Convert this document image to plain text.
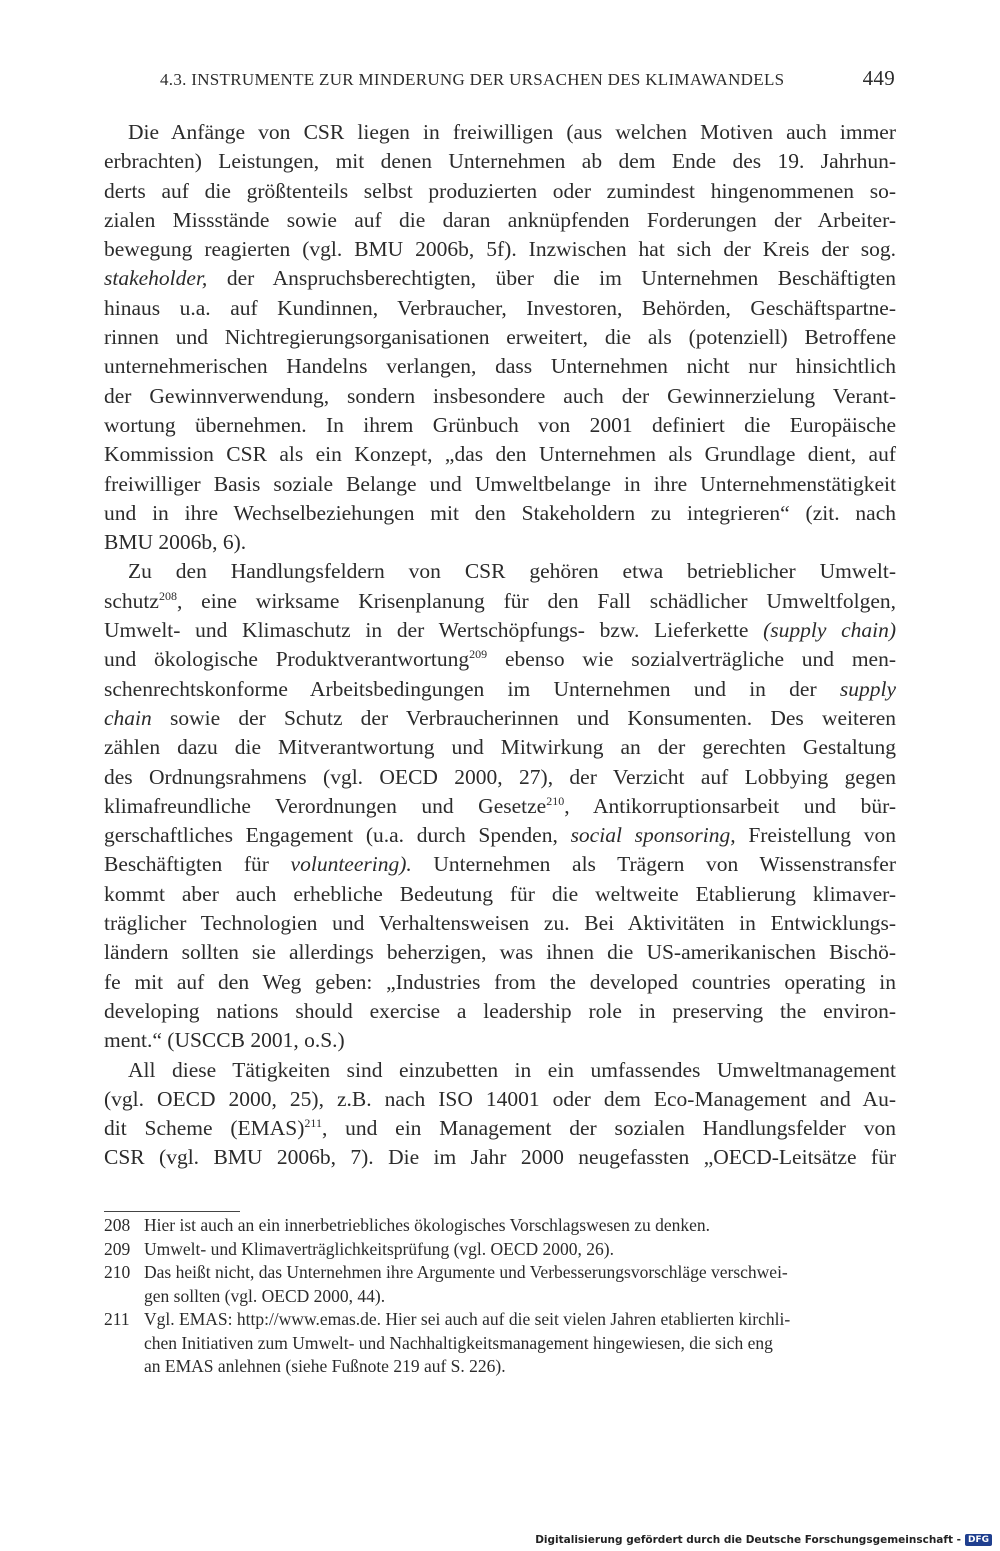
4.3. INSTRUMENTE ZUR MINDERUNG DER URSACHEN DES KLIMAWANDELS	449
Die Anfänge von CSR liegen in freiwilligen (aus welchen Motiven auch immer
erbrachten) Leistungen, mit denen Unternehmen ab dem Ende des 19. Jahrhun-
derts auf die größtenteils selbst produzierten oder zumindest hingenommenen so-
zialen Missstände sowie auf die daran anknüpfenden Forderungen der Arbeiter-
bewegung reagierten (vgl. BMU 2006b, 5f). Inzwischen hat sich der Kreis der sog.
stakeholder, der Anspruchsberechtigten, über die im Unternehmen Beschäftigten
hinaus u.a. auf Kundinnen, Verbraucher, Investoren, Behörden, Geschäftspartne-
rinnen und Nichtregierungsorganisationen erweitert, die als (potenziell) Betroffene
unternehmerischen Handelns verlangen, dass Unternehmen nicht nur hinsichtlich
der Gewinnverwendung, sondern insbesondere auch der Gewinnerzielung Verant-
wortung übernehmen. In ihrem Grünbuch von 2001 definiert die Europäische
Kommission CSR als ein Konzept, „das den Unternehmen als Grundlage dient, auf
freiwilliger Basis soziale Belange und Umweltbelange in ihre Unternehmenstätigkeit
und in ihre Wechselbeziehungen mit den Stakeholdern zu integrieren“ (zit. nach
BMU 2006b, 6).
Zu den Handlungsfeldern von CSR gehören etwa betrieblicher Umwelt-
schutz$^{208}$, eine wirksame Krisenplanung für den Fall schädlicher Umweltfolgen,
Umwelt- und Klimaschutz in der Wertschöpfungs- bzw. Lieferkette (supply chain)
und ökologische Produktverantwortung$^{209}$ ebenso wie sozialverträgliche und men-
schenrechtskonforme Arbeitsbedingungen im Unternehmen und in der supply
chain sowie der Schutz der Verbraucherinnen und Konsumenten. Des weiteren
zählen dazu die Mitverantwortung und Mitwirkung an der gerechten Gestaltung
des Ordnungsrahmens (vgl. OECD 2000, 27), der Verzicht auf Lobbying gegen
klimafreundliche Verordnungen und Gesetze$^{210}$, Antikorruptionsarbeit und bür-
gerschaftliches Engagement (u.a. durch Spenden, social sponsoring, Freistellung von
Beschäftigten für volunteering). Unternehmen als Trägern von Wissenstransfer
kommt aber auch erhebliche Bedeutung für die weltweite Etablierung klimaver-
träglicher Technologien und Verhaltensweisen zu. Bei Aktivitäten in Entwicklungs-
ländern sollten sie allerdings beherzigen, was ihnen die US-amerikanischen Bischö-
fe mit auf den Weg geben: „Industries from the developed countries operating in
developing nations should exercise a leadership role in preserving the environ-
ment.“ (USCCB 2001, o.S.)
All diese Tätigkeiten sind einzubetten in ein umfassendes Umweltmanagement
(vgl. OECD 2000, 25), z.B. nach ISO 14001 oder dem Eco-Management and Au-
dit Scheme (EMAS)$^{211}$, und ein Management der sozialen Handlungsfelder von
CSR (vgl. BMU 2006b, 7). Die im Jahr 2000 neugefassten „OECD-Leitsätze für
208 Hier ist auch an ein innerbetriebliches ökologisches Vorschlagswesen zu denken.
209 Umwelt- und Klimaverträglichkeitsprüfung (vgl. OECD 2000, 26).
210 Das heißt nicht, das Unternehmen ihre Argumente und Verbesserungsvorschläge verschwei-
gen sollten (vgl. OECD 2000, 44).
211 Vgl. EMAS: http://www.emas.de. Hier sei auch auf die seit vielen Jahren etablierten kirchli-
chen Initiativen zum Umwelt- und Nachhaltigkeitsmanagement hingewiesen, die sich eng
an EMAS anlehnen (siehe Fußnote 219 auf S. 226).
Digitalisierung gefördert durch die Deutsche Forschungsgemeinschaft - DFG
